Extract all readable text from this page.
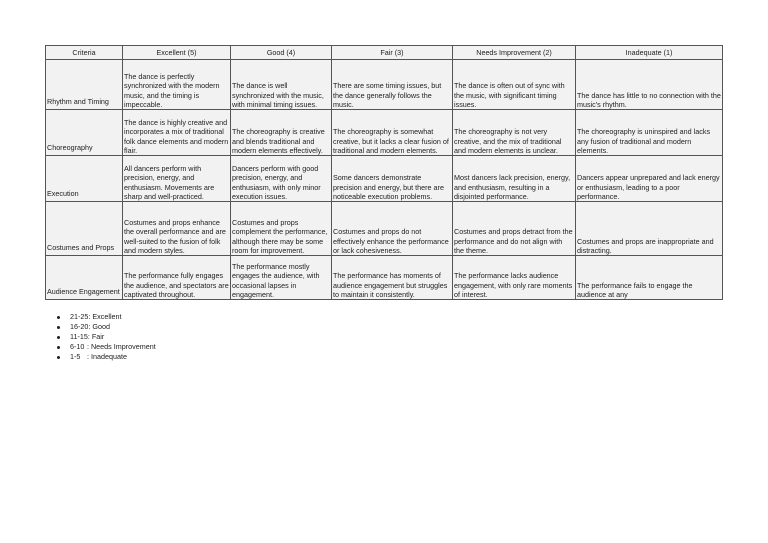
Criteria	Excellent (5)	Good (4)	Fair (3)	Needs Improvement (2)	Inadequate (1)
Rhythm and Timing	The dance is perfectly synchronized with the modern music, and the timing is impeccable.	The dance is well synchronized with the music, with minimal timing issues.	There are some timing issues, but the dance generally follows the music.	The dance is often out of sync with the music, with significant timing issues.	The dance has little to no connection with the music's rhythm.
Choreography	The dance is highly creative and incorporates a mix of traditional folk dance elements and modern flair.	The choreography is creative and blends traditional and modern elements effectively.	The choreography is somewhat creative, but it lacks a clear fusion of traditional and modern elements.	The choreography is not very creative, and the mix of traditional and modern elements is unclear.	The choreography is uninspired and lacks any fusion of traditional and modern elements.
Execution	All dancers perform with precision, energy, and enthusiasm. Movements are sharp and well-practiced.	Dancers perform with good precision, energy, and enthusiasm, with only minor execution issues.	Some dancers demonstrate precision and energy, but there are noticeable execution problems.	Most dancers lack precision, energy, and enthusiasm, resulting in a disjointed performance.	Dancers appear unprepared and lack energy or enthusiasm, leading to a poor performance.
Costumes and Props	Costumes and props enhance the overall performance and are well-suited to the fusion of folk and modern styles.	Costumes and props complement the performance, although there may be some room for improvement.	Costumes and props do not effectively enhance the performance or lack cohesiveness.	Costumes and props detract from the performance and do not align with the theme.	Costumes and props are inappropriate and distracting.
Audience Engagement	The performance fully engages the audience, and spectators are captivated throughout.	The performance mostly engages the audience, with occasional lapses in engagement.	The performance has moments of audience engagement but struggles to maintain it consistently.	The performance lacks audience engagement, with only rare moments of interest.	The performance fails to engage the audience at any
21-25: Excellent
16-20: Good
11-15: Fair
6-10 : Needs Improvement
1-5 : Inadequate
